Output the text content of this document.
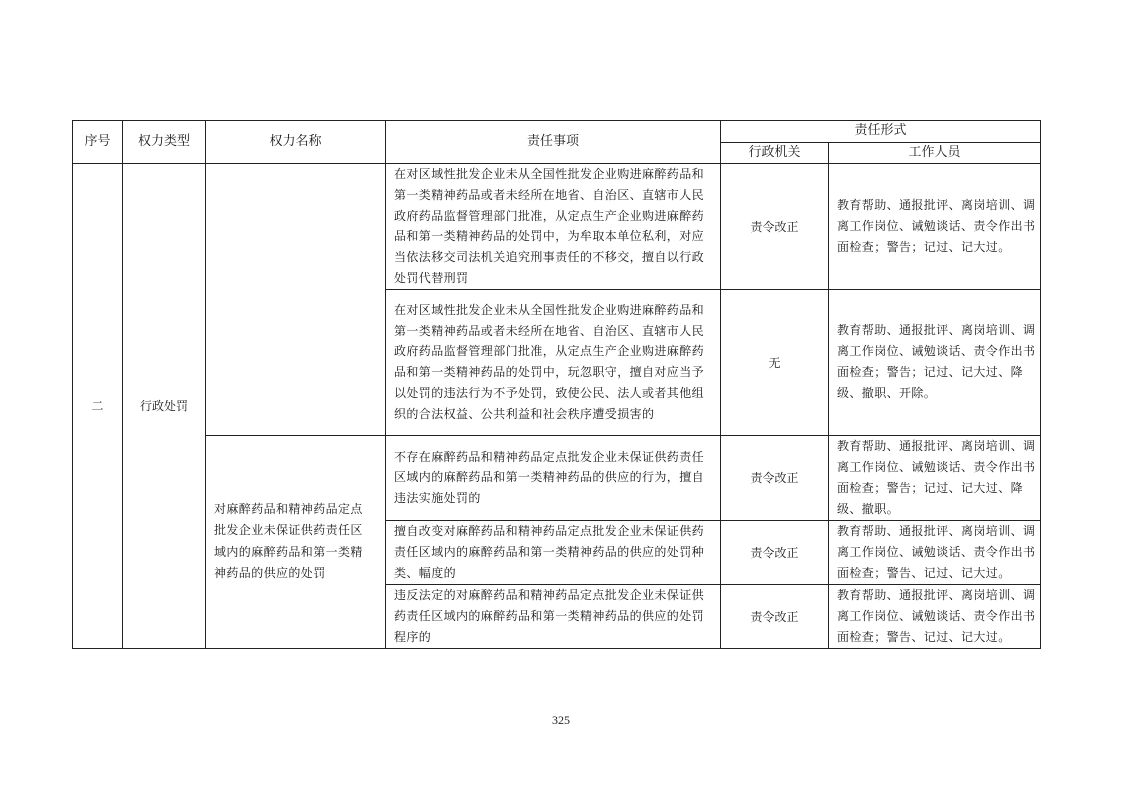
序号	权力类型	权力名称	责任事项	责任形式	
				行政机关	工作人员
二	行政处罚		在对区域性批发企业未从全国性批发企业购进麻醉药品和第一类精神药品或者未经所在地省、自治区、直辖市人民政府药品监督管理部门批准，从定点生产企业购进麻醉药品和第一类精神药品的处罚中，为牟取本单位私利，对应当依法移交司法机关追究刑事责任的不移交，擅自以行政处罚代替刑罚	责令改正	教育帮助、通报批评、离岗培训、调离工作岗位、诫勉谈话、责令作出书面检查；警告；记过、记大过。
			在对区域性批发企业未从全国性批发企业购进麻醉药品和第一类精神药品或者未经所在地省、自治区、直辖市人民政府药品监督管理部门批准，从定点生产企业购进麻醉药品和第一类精神药品的处罚中，玩忽职守，擅自对应当予以处罚的违法行为不予处罚，致使公民、法人或者其他组织的合法权益、公共利益和社会秩序遭受损害的	无	教育帮助、通报批评、离岗培训、调离工作岗位、诫勉谈话、责令作出书面检查；警告；记过、记大过、降级、撤职、开除。
		对麻醉药品和精神药品定点批发企业未保证供药责任区域内的麻醉药品和第一类精神药品的供应的处罚	不存在麻醉药品和精神药品定点批发企业未保证供药责任区域内的麻醉药品和第一类精神药品的供应的行为，擅自违法实施处罚的	责令改正	教育帮助、通报批评、离岗培训、调离工作岗位、诫勉谈话、责令作出书面检查；警告；记过、记大过、降级、撤职。
			擅自改变对麻醉药品和精神药品定点批发企业未保证供药责任区域内的麻醉药品和第一类精神药品的供应的处罚种类、幅度的	责令改正	教育帮助、通报批评、离岗培训、调离工作岗位、诫勉谈话、责令作出书面检查；警告、记过、记大过。
			违反法定的对麻醉药品和精神药品定点批发企业未保证供药责任区域内的麻醉药品和第一类精神药品的供应的处罚程序的	责令改正	教育帮助、通报批评、离岗培训、调离工作岗位、诫勉谈话、责令作出书面检查；警告、记过、记大过。
325
